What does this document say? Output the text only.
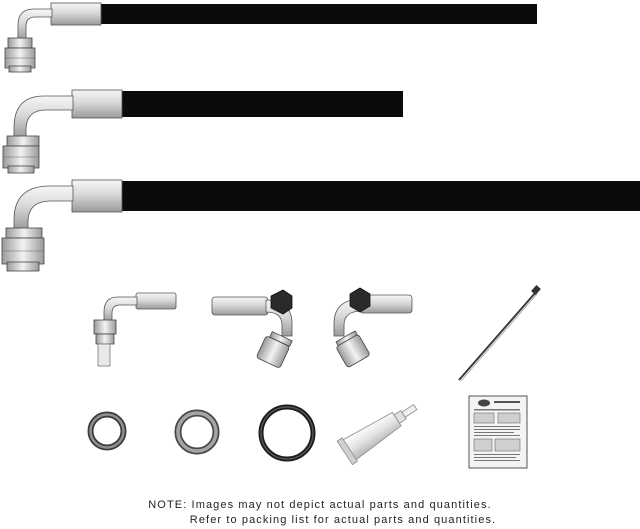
NOTE: Images may not depict actual parts and quantities.
Refer to packing list for actual parts and quantities.
